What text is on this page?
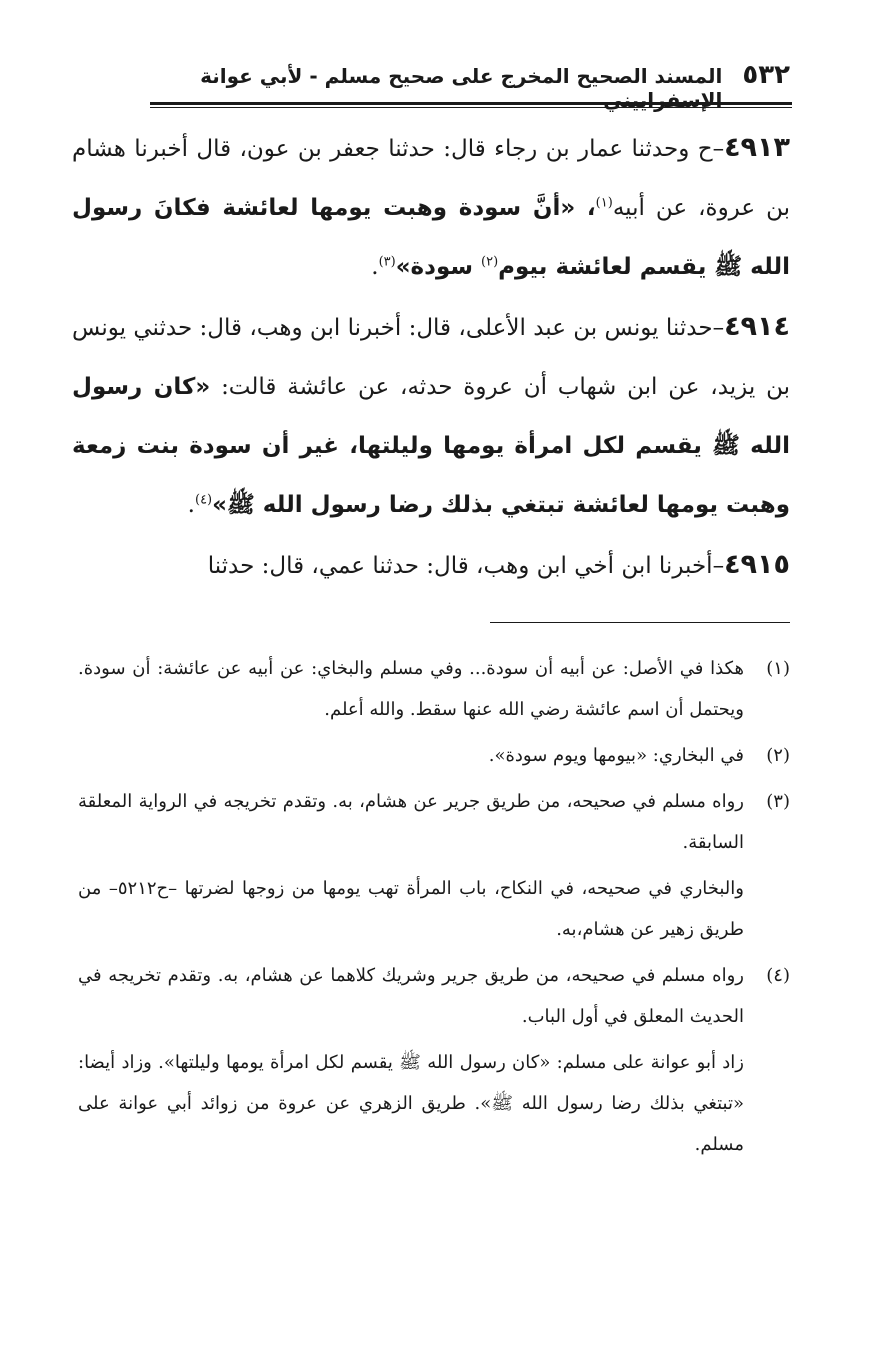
٥٣٢
المسند الصحيح المخرج على صحيح مسلم - لأبي عوانة الإسفراييني

٤٩١٣–ح وحدثنا عمار بن رجاء قال: حدثنا جعفر بن عون، قال أخبرنا هشام بن عروة، عن أبيه$^{(١)}$، «أنَّ سودة وهبت يومها لعائشة فكانَ رسول الله ﷺ يقسم لعائشة بيوم$^{(٢)}$ سودة»$^{(٣)}$.

٤٩١٤–حدثنا يونس بن عبد الأعلى، قال: أخبرنا ابن وهب، قال: حدثني يونس بن يزيد، عن ابن شهاب أن عروة حدثه، عن عائشة قالت: «كان رسول الله ﷺ يقسم لكل امرأة يومها وليلتها، غير أن سودة بنت زمعة وهبت يومها لعائشة تبتغي بذلك رضا رسول الله ﷺ»$^{(٤)}$.

٤٩١٥–أخبرنا ابن أخي ابن وهب، قال: حدثنا عمي، قال: حدثنا

(١)
هكذا في الأصل: عن أبيه أن سودة... وفي مسلم والبخاي: عن أبيه عن عائشة: أن سودة. ويحتمل أن اسم عائشة رضي الله عنها سقط. والله أعلم.
(٢)
في البخاري: «بيومها ويوم سودة».
(٣)
رواه مسلم في صحيحه، من طريق جرير عن هشام، به. وتقدم تخريجه في الرواية المعلقة السابقة.

والبخاري في صحيحه، في النكاح، باب المرأة تهب يومها من زوجها لضرتها –ح٥٢١٢– من طريق زهير عن هشام،به.

(٤)
رواه مسلم في صحيحه، من طريق جرير وشريك كلاهما عن هشام، به. وتقدم تخريجه في الحديث المعلق في أول الباب.

زاد أبو عوانة على مسلم: «كان رسول الله ﷺ يقسم لكل امرأة يومها وليلتها». وزاد أيضا: «تبتغي بذلك رضا رسول الله ﷺ». طريق الزهري عن عروة من زوائد أبي عوانة على مسلم.
